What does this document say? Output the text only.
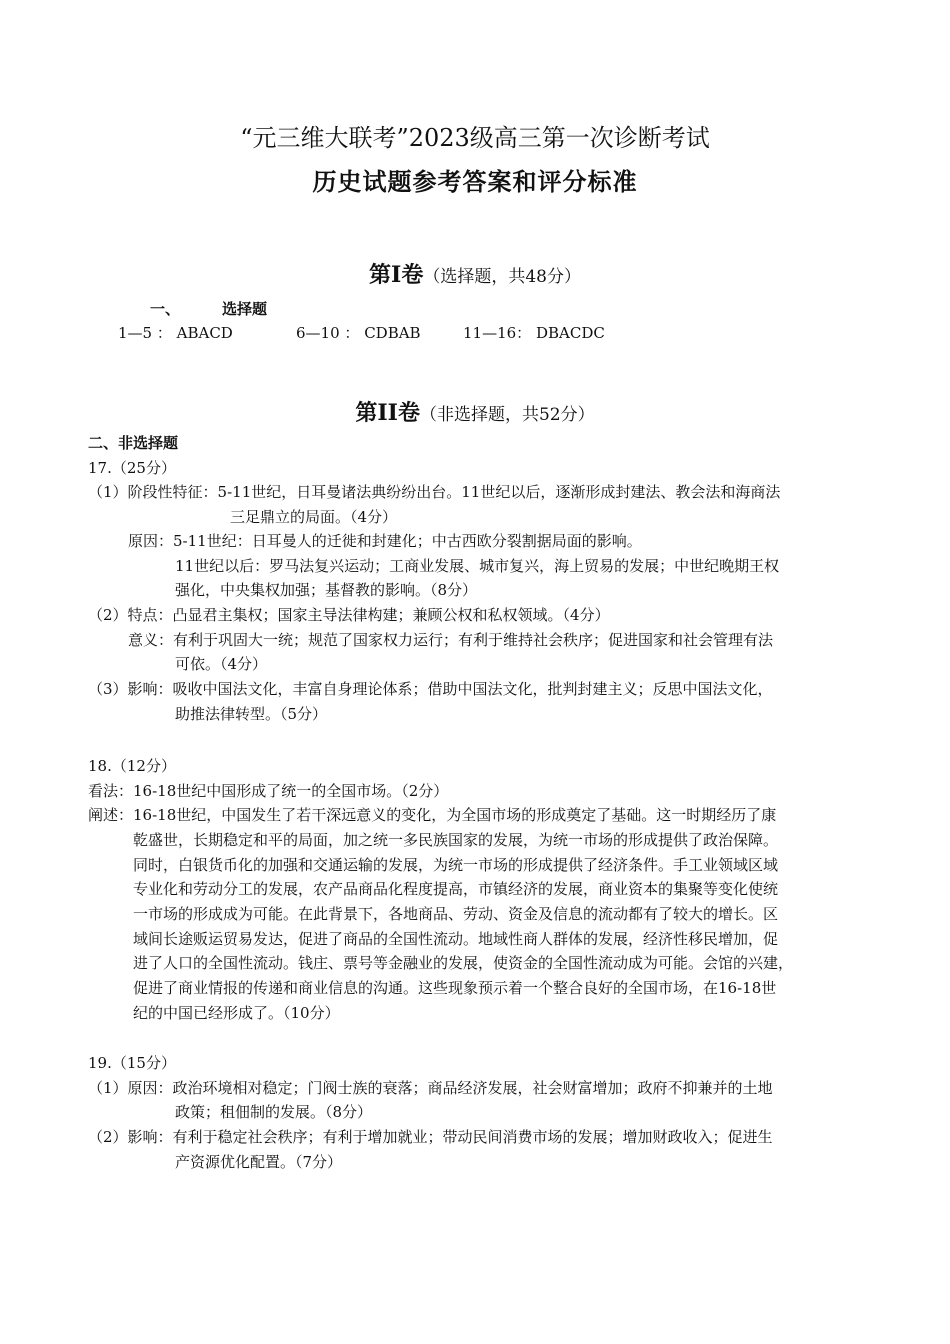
“元三维大联考”2023级高三第一次诊断考试
历史试题参考答案和评分标准
第I卷（选择题，共48分）
一、	选择题
1—5 ： ABACD	6—10 ： CDBAB	11—16： DBACDC
第II卷（非选择题，共52分）
二、非选择题
17.（25分）
（1）阶段性特征：5-11世纪，日耳曼诸法典纷纷出台。11世纪以后，逐渐形成封建法、教会法和海商法
三足鼎立的局面。（4分）
原因：5-11世纪：日耳曼人的迁徙和封建化；中古西欧分裂割据局面的影响。
11世纪以后：罗马法复兴运动；工商业发展、城市复兴，海上贸易的发展；中世纪晚期王权
强化，中央集权加强；基督教的影响。（8分）
（2）特点：凸显君主集权；国家主导法律构建；兼顾公权和私权领域。（4分）
意义：有利于巩固大一统；规范了国家权力运行；有利于维持社会秩序；促进国家和社会管理有法
可依。（4分）
（3）影响：吸收中国法文化，丰富自身理论体系；借助中国法文化，批判封建主义；反思中国法文化，
助推法律转型。（5分）
18.（12分）
看法：16-18世纪中国形成了统一的全国市场。（2分）
阐述： 16-18世纪，中国发生了若干深远意义的变化，为全国市场的形成奠定了基础。这一时期经历了康
乾盛世，长期稳定和平的局面，加之统一多民族国家的发展，为统一市场的形成提供了政治保障。
同时，白银货币化的加强和交通运输的发展，为统一市场的形成提供了经济条件。手工业领域区域
专业化和劳动分工的发展，农产品商品化程度提高，市镇经济的发展，商业资本的集聚等变化使统
一市场的形成成为可能。在此背景下，各地商品、劳动、资金及信息的流动都有了较大的增长。区
域间长途贩运贸易发达，促进了商品的全国性流动。地域性商人群体的发展，经济性移民增加，促
进了人口的全国性流动。钱庄、票号等金融业的发展，使资金的全国性流动成为可能。会馆的兴建，
促进了商业情报的传递和商业信息的沟通。这些现象预示着一个整合良好的全国市场，在16-18世
纪的中国已经形成了。（10分）
19.（15分）
（1）原因：政治环境相对稳定；门阀士族的衰落；商品经济发展，社会财富增加；政府不抑兼并的土地
政策；租佃制的发展。（8分）
（2）影响：有利于稳定社会秩序；有利于增加就业；带动民间消费市场的发展；增加财政收入；促进生
产资源优化配置。（7分）
